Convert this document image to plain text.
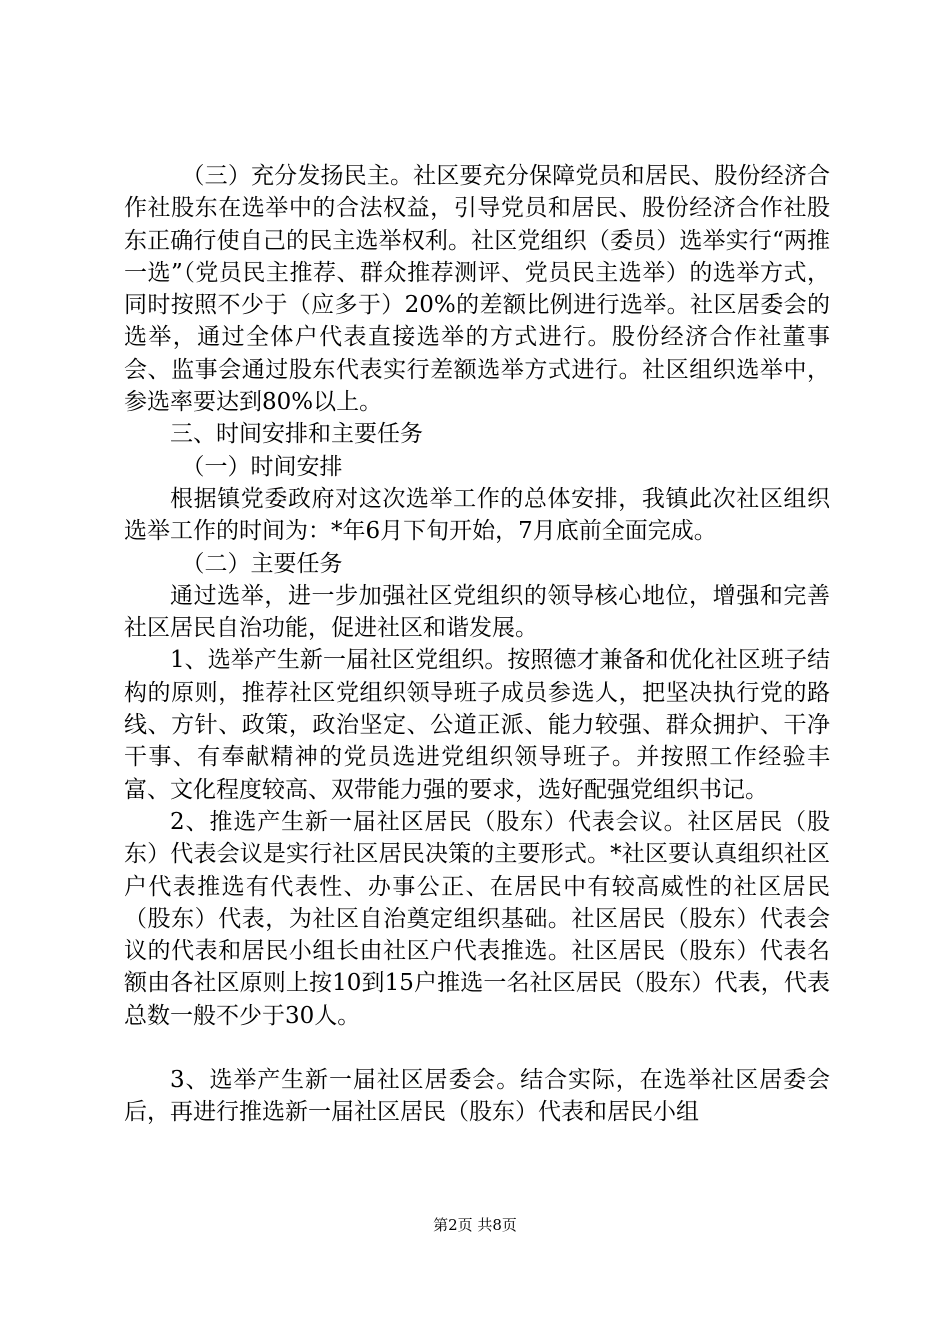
（三）充分发扬民主。社区要充分保障党员和居民、股份经济合作社股东在选举中的合法权益，引导党员和居民、股份经济合作社股东正确行使自己的民主选举权利。社区党组织（委员）选举实行“两推一选”（党员民主推荐、群众推荐测评、党员民主选举）的选举方式，同时按照不少于（应多于）20%的差额比例进行选举。社区居委会的选举，通过全体户代表直接选举的方式进行。股份经济合作社董事会、监事会通过股东代表实行差额选举方式进行。社区组织选举中，参选率要达到80%以上。

三、时间安排和主要任务

（一）时间安排

根据镇党委政府对这次选举工作的总体安排，我镇此次社区组织选举工作的时间为：*年6月下旬开始，7月底前全面完成。

（二）主要任务

通过选举，进一步加强社区党组织的领导核心地位，增强和完善社区居民自治功能，促进社区和谐发展。

1、选举产生新一届社区党组织。按照德才兼备和优化社区班子结构的原则，推荐社区党组织领导班子成员参选人，把坚决执行党的路线、方针、政策，政治坚定、公道正派、能力较强、群众拥护、干净干事、有奉献精神的党员选进党组织领导班子。并按照工作经验丰富、文化程度较高、双带能力强的要求，选好配强党组织书记。

2、推选产生新一届社区居民（股东）代表会议。社区居民（股东）代表会议是实行社区居民决策的主要形式。*社区要认真组织社区户代表推选有代表性、办事公正、在居民中有较高威性的社区居民（股东）代表，为社区自治奠定组织基础。社区居民（股东）代表会议的代表和居民小组长由社区户代表推选。社区居民（股东）代表名额由各社区原则上按10到15户推选一名社区居民（股东）代表，代表总数一般不少于30人。

3、选举产生新一届社区居委会。结合实际，在选举社区居委会后，再进行推选新一届社区居民（股东）代表和居民小组

第2页 共8页
